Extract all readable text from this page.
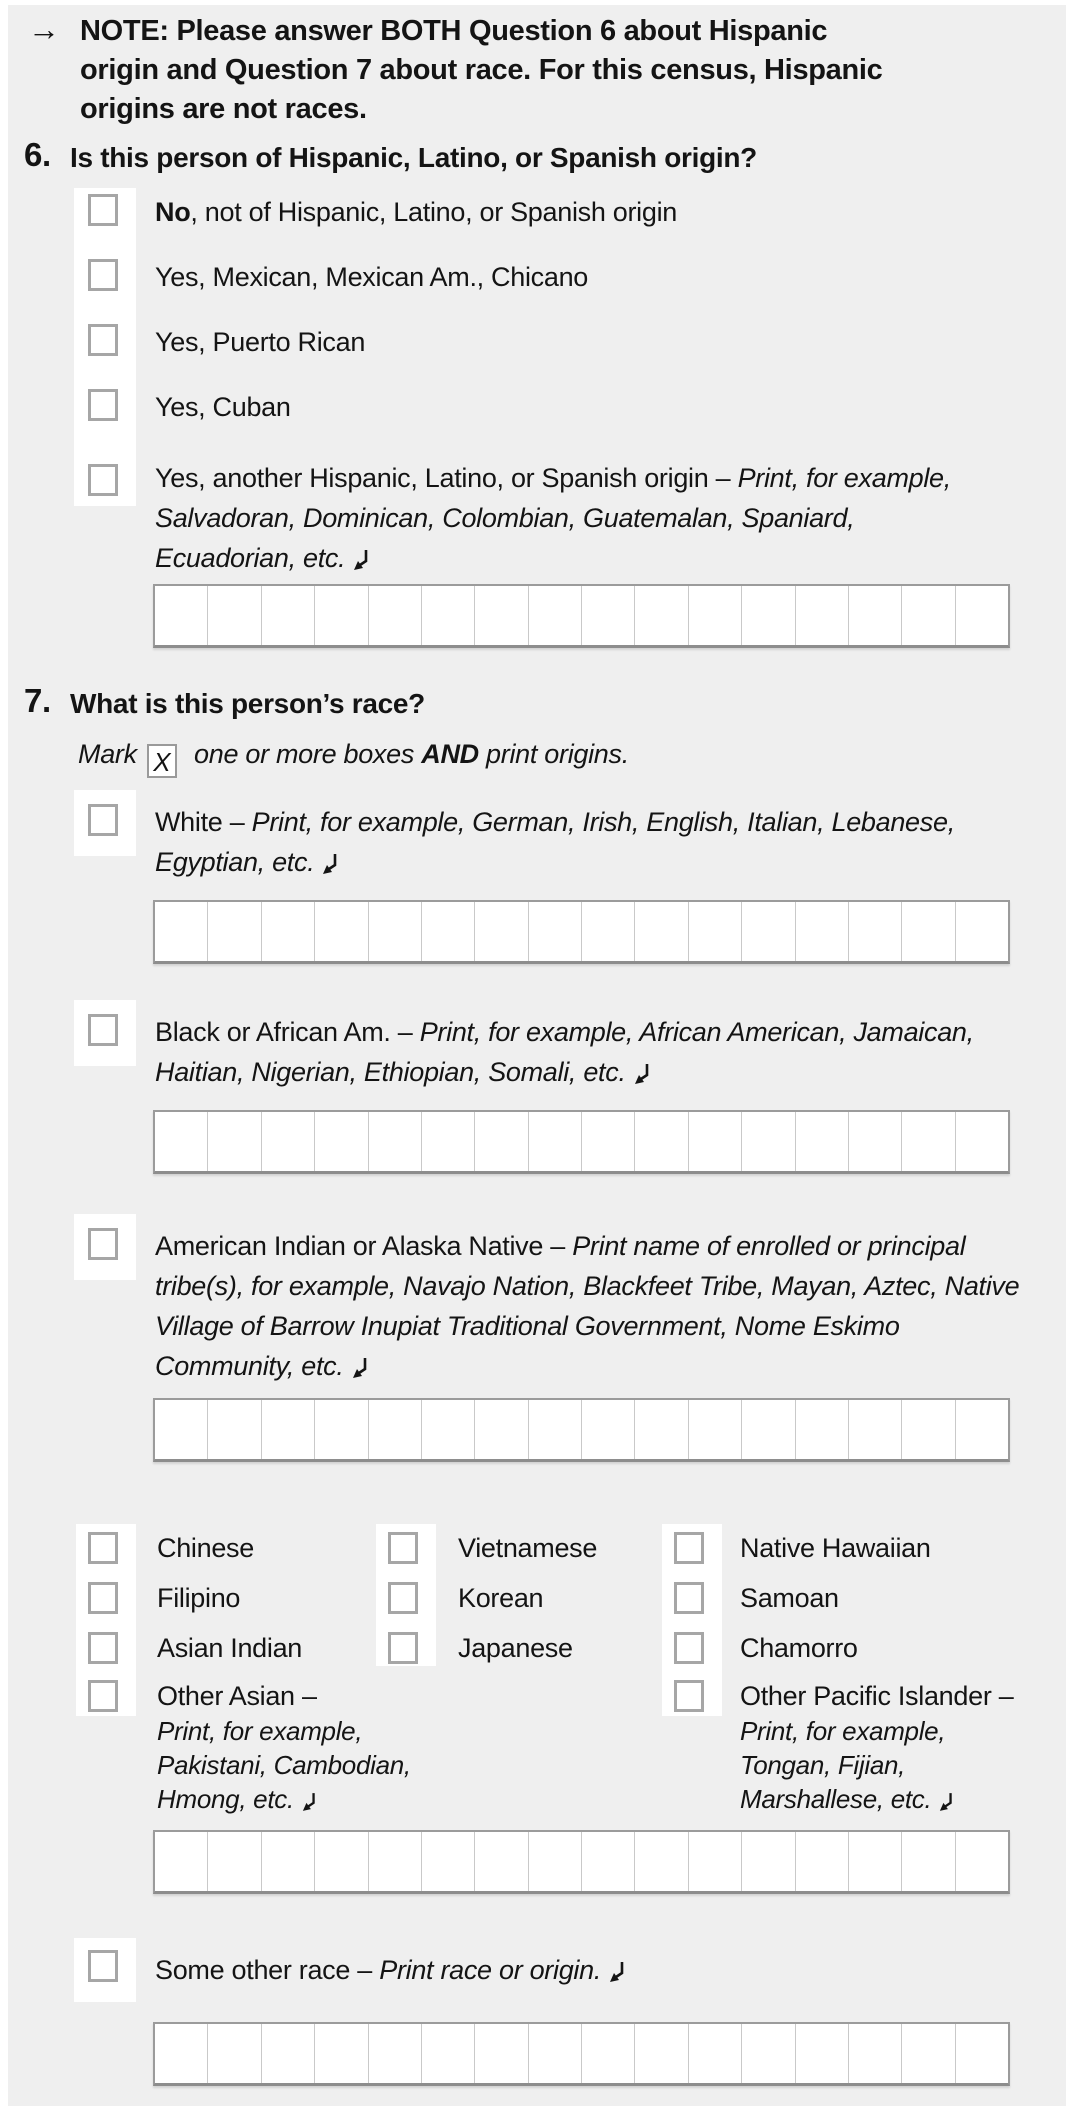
→ NOTE: Please answer BOTH Question 6 about Hispanic
origin and Question 7 about race. For this census, Hispanic
origins are not races.
6. Is this person of Hispanic, Latino, or Spanish origin?
No, not of Hispanic, Latino, or Spanish origin
Yes, Mexican, Mexican Am., Chicano
Yes, Puerto Rican
Yes, Cuban
Yes, another Hispanic, Latino, or Spanish origin – Print, for example, Salvadoran, Dominican, Colombian, Guatemalan, Spaniard, Ecuadorian, etc.
7. What is this person’s race?
Mark X one or more boxes AND print origins.
White – Print, for example, German, Irish, English, Italian, Lebanese, Egyptian, etc.
Black or African Am. – Print, for example, African American, Jamaican, Haitian, Nigerian, Ethiopian, Somali, etc.
American Indian or Alaska Native – Print name of enrolled or principal tribe(s), for example, Navajo Nation, Blackfeet Tribe, Mayan, Aztec, Native Village of Barrow Inupiat Traditional Government, Nome Eskimo Community, etc.
Chinese
Filipino
Asian Indian
Other Asian –
Print, for example, Pakistani, Cambodian, Hmong, etc.
Vietnamese
Korean
Japanese
Native Hawaiian
Samoan
Chamorro
Other Pacific Islander –
Print, for example, Tongan, Fijian, Marshallese, etc.
Some other race – Print race or origin.
